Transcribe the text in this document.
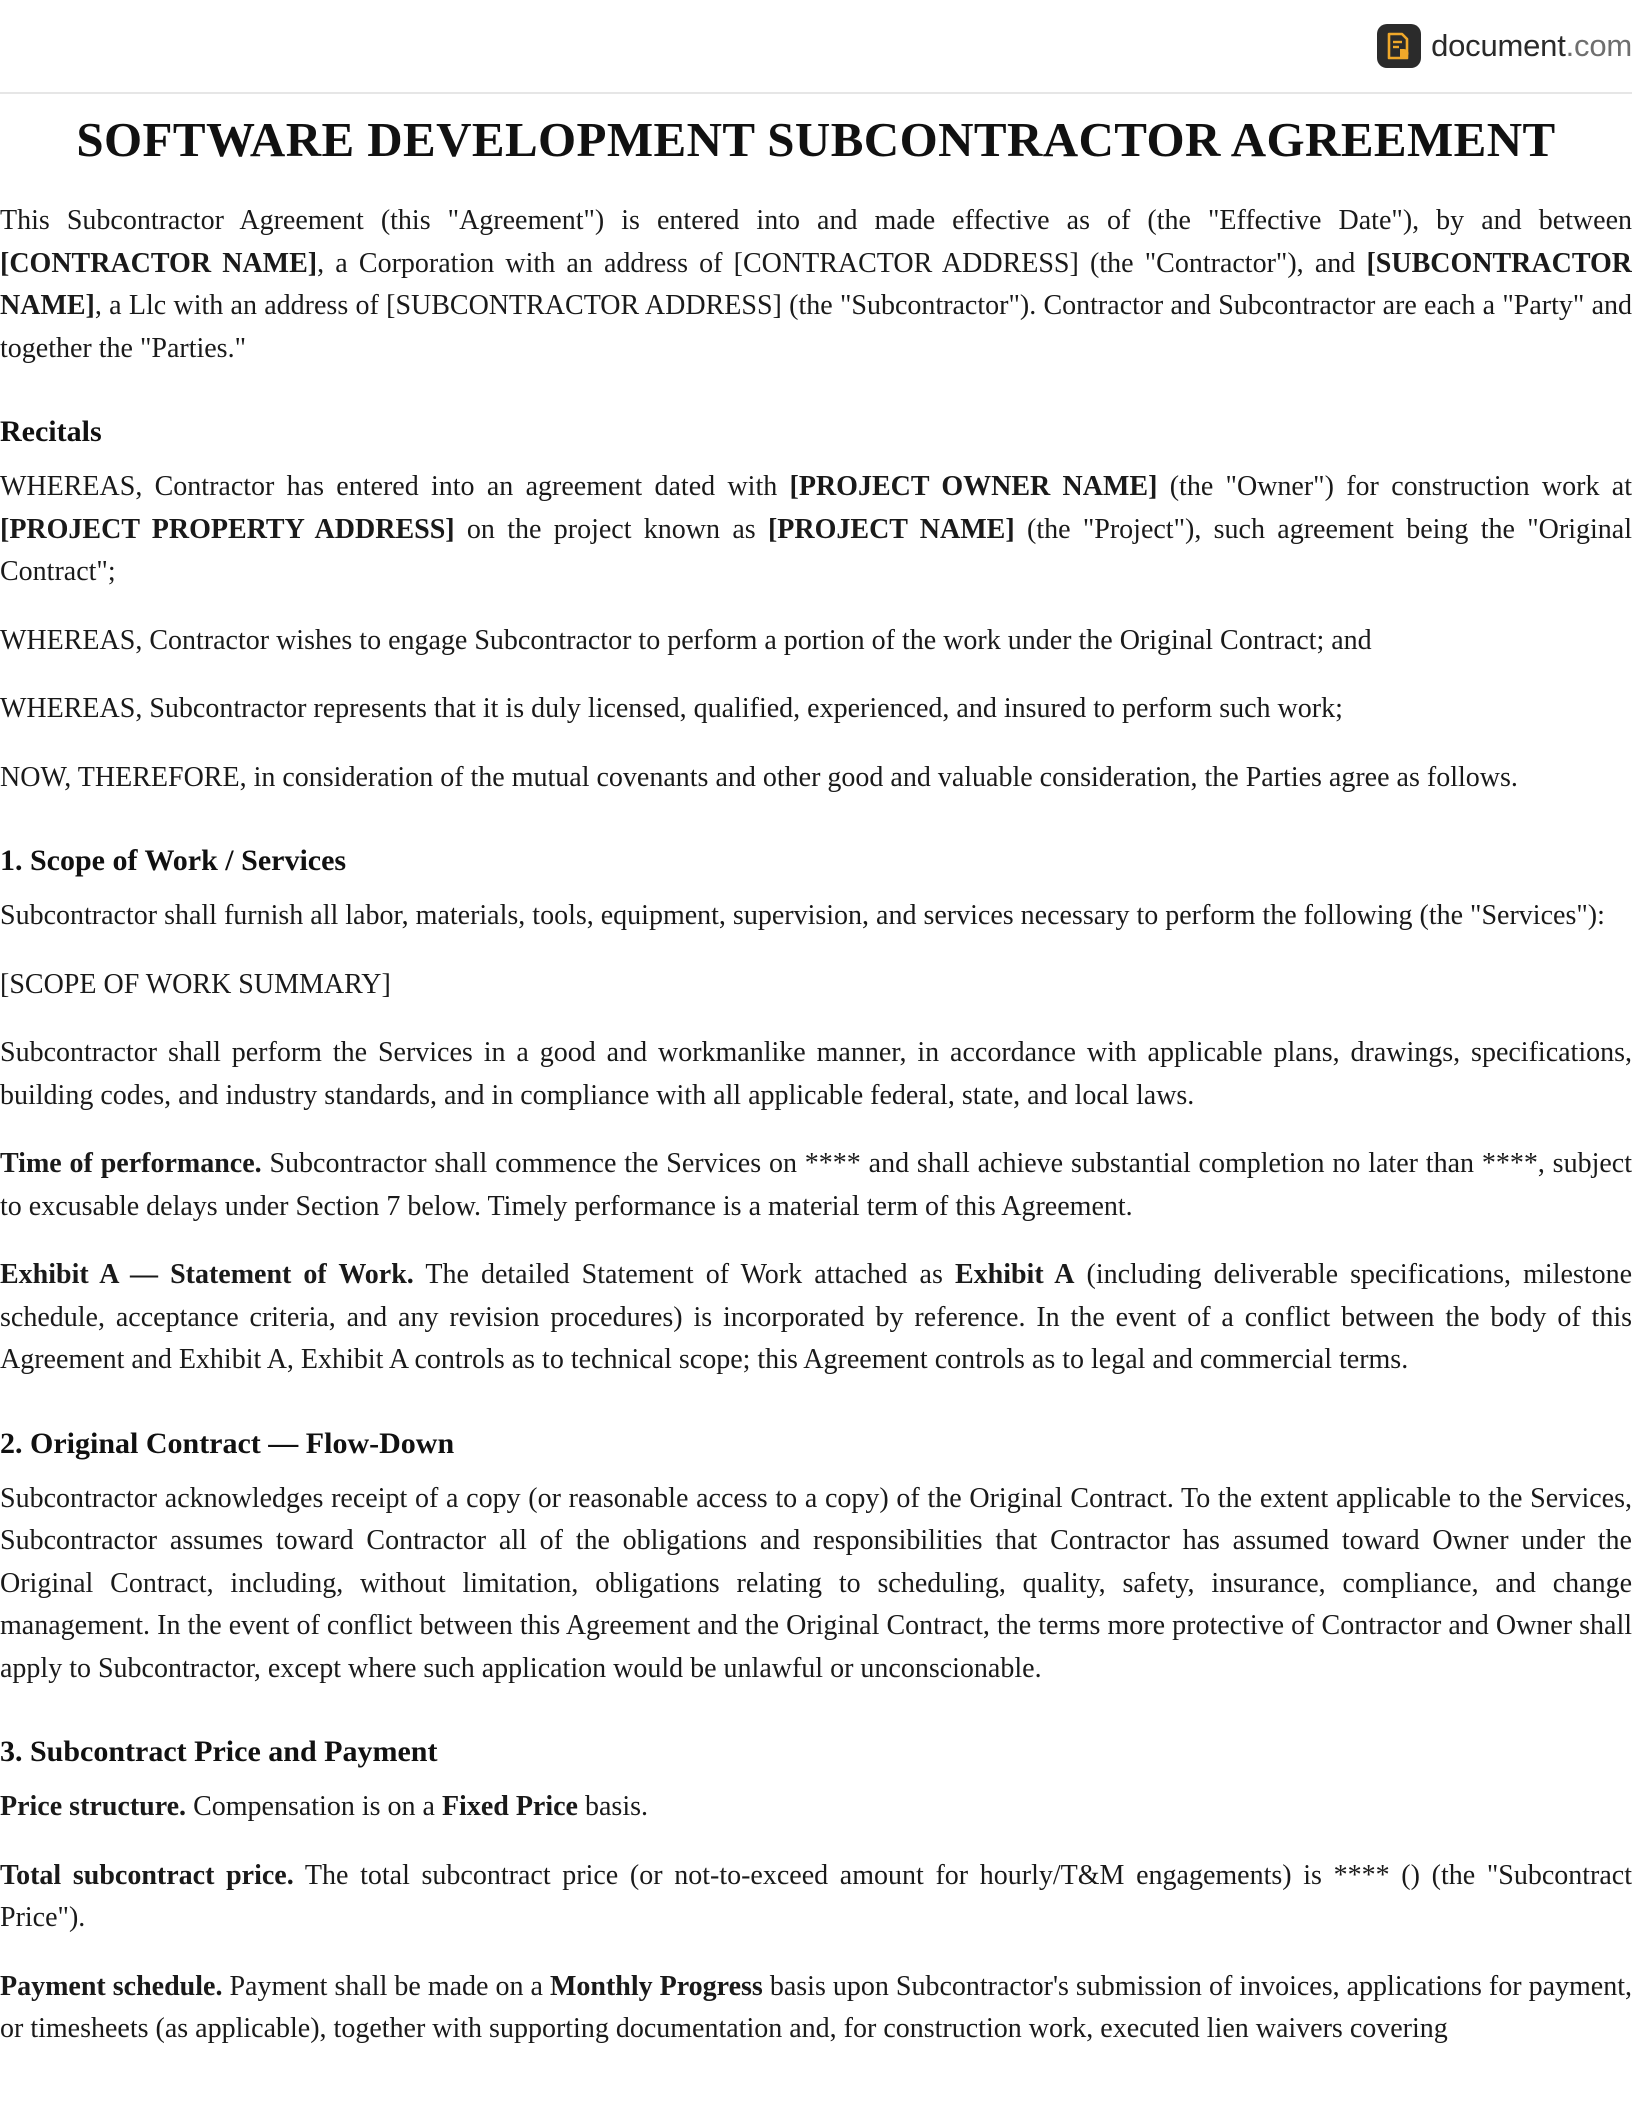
document.com
SOFTWARE DEVELOPMENT SUBCONTRACTOR AGREEMENT

This Subcontractor Agreement (this "Agreement") is entered into and made effective as of (the "Effective Date"), by and between [CONTRACTOR NAME], a Corporation with an address of [CONTRACTOR ADDRESS] (the "Contractor"), and [SUBCONTRACTOR NAME], a Llc with an address of [SUBCONTRACTOR ADDRESS] (the "Subcontractor"). Contractor and Subcontractor are each a "Party" and together the "Parties."

Recitals

WHEREAS, Contractor has entered into an agreement dated with [PROJECT OWNER NAME] (the "Owner") for construction work at [PROJECT PROPERTY ADDRESS] on the project known as [PROJECT NAME] (the "Project"), such agreement being the "Original Contract";

WHEREAS, Contractor wishes to engage Subcontractor to perform a portion of the work under the Original Contract; and

WHEREAS, Subcontractor represents that it is duly licensed, qualified, experienced, and insured to perform such work;

NOW, THEREFORE, in consideration of the mutual covenants and other good and valuable consideration, the Parties agree as follows.

1. Scope of Work / Services

Subcontractor shall furnish all labor, materials, tools, equipment, supervision, and services necessary to perform the following (the "Services"):

[SCOPE OF WORK SUMMARY]

Subcontractor shall perform the Services in a good and workmanlike manner, in accordance with applicable plans, drawings, specifications, building codes, and industry standards, and in compliance with all applicable federal, state, and local laws.

Time of performance. Subcontractor shall commence the Services on **** and shall achieve substantial completion no later than ****, subject to excusable delays under Section 7 below. Timely performance is a material term of this Agreement.

Exhibit A — Statement of Work. The detailed Statement of Work attached as Exhibit A (including deliverable specifications, milestone schedule, acceptance criteria, and any revision procedures) is incorporated by reference. In the event of a conflict between the body of this Agreement and Exhibit A, Exhibit A controls as to technical scope; this Agreement controls as to legal and commercial terms.

2. Original Contract — Flow-Down

Subcontractor acknowledges receipt of a copy (or reasonable access to a copy) of the Original Contract. To the extent applicable to the Services, Subcontractor assumes toward Contractor all of the obligations and responsibilities that Contractor has assumed toward Owner under the Original Contract, including, without limitation, obligations relating to scheduling, quality, safety, insurance, compliance, and change management. In the event of conflict between this Agreement and the Original Contract, the terms more protective of Contractor and Owner shall apply to Subcontractor, except where such application would be unlawful or unconscionable.

3. Subcontract Price and Payment

Price structure. Compensation is on a Fixed Price basis.

Total subcontract price. The total subcontract price (or not-to-exceed amount for hourly/T&M engagements) is **** () (the "Subcontract Price").

Payment schedule. Payment shall be made on a Monthly Progress basis upon Subcontractor's submission of invoices, applications for payment, or timesheets (as applicable), together with supporting documentation and, for construction work, executed lien waivers covering
